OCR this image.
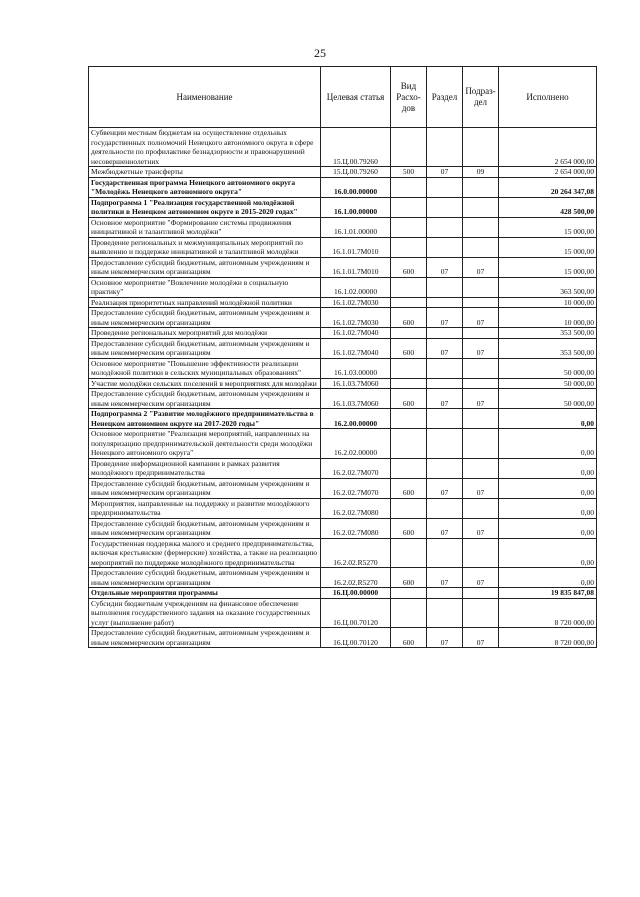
25
Наименование	Целевая статья	Вид Расхо-дов	Раздел	Подраз-дел	Исполнено
Субвенции местным бюджетам на осуществление отдельных государственных полномочий Ненецкого автономного округа в сфере деятельности по профилактике безнадзорности и правонарушений несовершеннолетних	15.Ц.00.79260				2 654 000,00
Межбюджетные трансферты	15.Ц.00.79260	500	07	09	2 654 000,00
Государственная программа Ненецкого автономного округа "Молодёжь Ненецкого автономного округа"	16.0.00.00000				20 264 347,08
Подпрограмма 1 "Реализация государственной молодёжной политики в Ненецком автономном округе в 2015-2020 годах"	16.1.00.00000				428 500,00
Основное мероприятие "Формирование системы продвижения инициативной и талантливой молодёжи"	16.1.01.00000				15 000,00
Проведение региональных и межмуниципальных мероприятий по выявлению и поддержке инициативной и талантливой молодёжи	16.1.01.7М010				15 000,00
Предоставление субсидий бюджетным, автономным учреждениям и иным некоммерческим организациям	16.1.01.7М010	600	07	07	15 000,00
Основное мероприятие "Вовлечение молодёжи в социальную практику"	16.1.02.00000				363 500,00
Реализация приоритетных направлений молодёжной политики	16.1.02.7М030				10 000,00
Предоставление субсидий бюджетным, автономным учреждениям и иным некоммерческим организациям	16.1.02.7М030	600	07	07	10 000,00
Проведение региональных мероприятий для молодёжи	16.1.02.7М040				353 500,00
Предоставление субсидий бюджетным, автономным учреждениям и иным некоммерческим организациям	16.1.02.7М040	600	07	07	353 500,00
Основное мероприятие "Повышение эффективности реализации молодёжной политики в сельских муниципальных образованиях"	16.1.03.00000				50 000,00
Участие молодёжи сельских поселений в мероприятиях для молодёжи	16.1.03.7М060				50 000,00
Предоставление субсидий бюджетным, автономным учреждениям и иным некоммерческим организациям	16.1.03.7М060	600	07	07	50 000,00
Подпрограмма 2 "Развитие молодёжного предпринимательства в Ненецком автономном округе на 2017-2020 годы"	16.2.00.00000				0,00
Основное мероприятие "Реализация мероприятий, направленных на популяризацию предпринимательской деятельности среди молодёжи Ненецкого автономного округа"	16.2.02.00000				0,00
Проведение информационной кампании в рамках развития молодёжного предпринимательства	16.2.02.7М070				0,00
Предоставление субсидий бюджетным, автономным учреждениям и иным некоммерческим организациям	16.2.02.7М070	600	07	07	0,00
Мероприятия, направленные на поддержку и развитие молодёжного предпринимательства	16.2.02.7М080				0,00
Предоставление субсидий бюджетным, автономным учреждениям и иным некоммерческим организациям	16.2.02.7М080	600	07	07	0,00
Государственная поддержка малого и среднего предпринимательства, включая крестьянские (фермерские) хозяйства, а также на реализацию мероприятий по поддержке молодёжного предпринимательства	16.2.02.R5270				0,00
Предоставление субсидий бюджетным, автономным учреждениям и иным некоммерческим организациям	16.2.02.R5270	600	07	07	0,00
Отдельные мероприятия программы	16.Ц.00.00000				19 835 847,08
Субсидии бюджетным учреждениям на финансовое обеспечение выполнения государственного задания на оказание государственных услуг (выполнение работ)	16.Ц.00.70120				8 720 000,00
Предоставление субсидий бюджетным, автономным учреждениям и иным некоммерческим организациям	16.Ц.00.70120	600	07	07	8 720 000,00
